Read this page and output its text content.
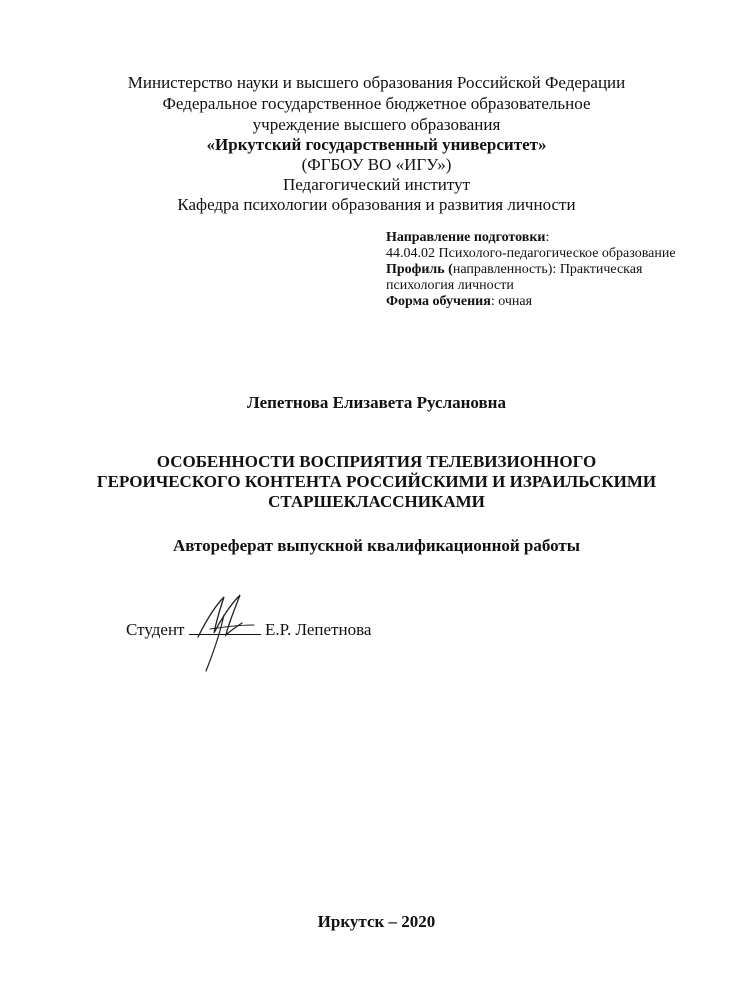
Министерство науки и высшего образования Российской Федерации
Федеральное государственное бюджетное образовательное
учреждение высшего образования
«Иркутский государственный университет»
(ФГБОУ ВО «ИГУ»)
Педагогический институт
Кафедра психологии образования и развития личности
Направление подготовки:
44.04.02 Психолого-педагогическое образование
Профиль (направленность): Практическая
психология личности
Форма обучения: очная
Лепетнова Елизавета Руслановна
ОСОБЕННОСТИ ВОСПРИЯТИЯ ТЕЛЕВИЗИОННОГО
ГЕРОИЧЕСКОГО КОНТЕНТА РОССИЙСКИМИ И ИЗРАИЛЬСКИМИ
СТАРШЕКЛАССНИКАМИ
Автореферат выпускной квалификационной работы
Студент	Е.Р. Лепетнова
Иркутск – 2020
